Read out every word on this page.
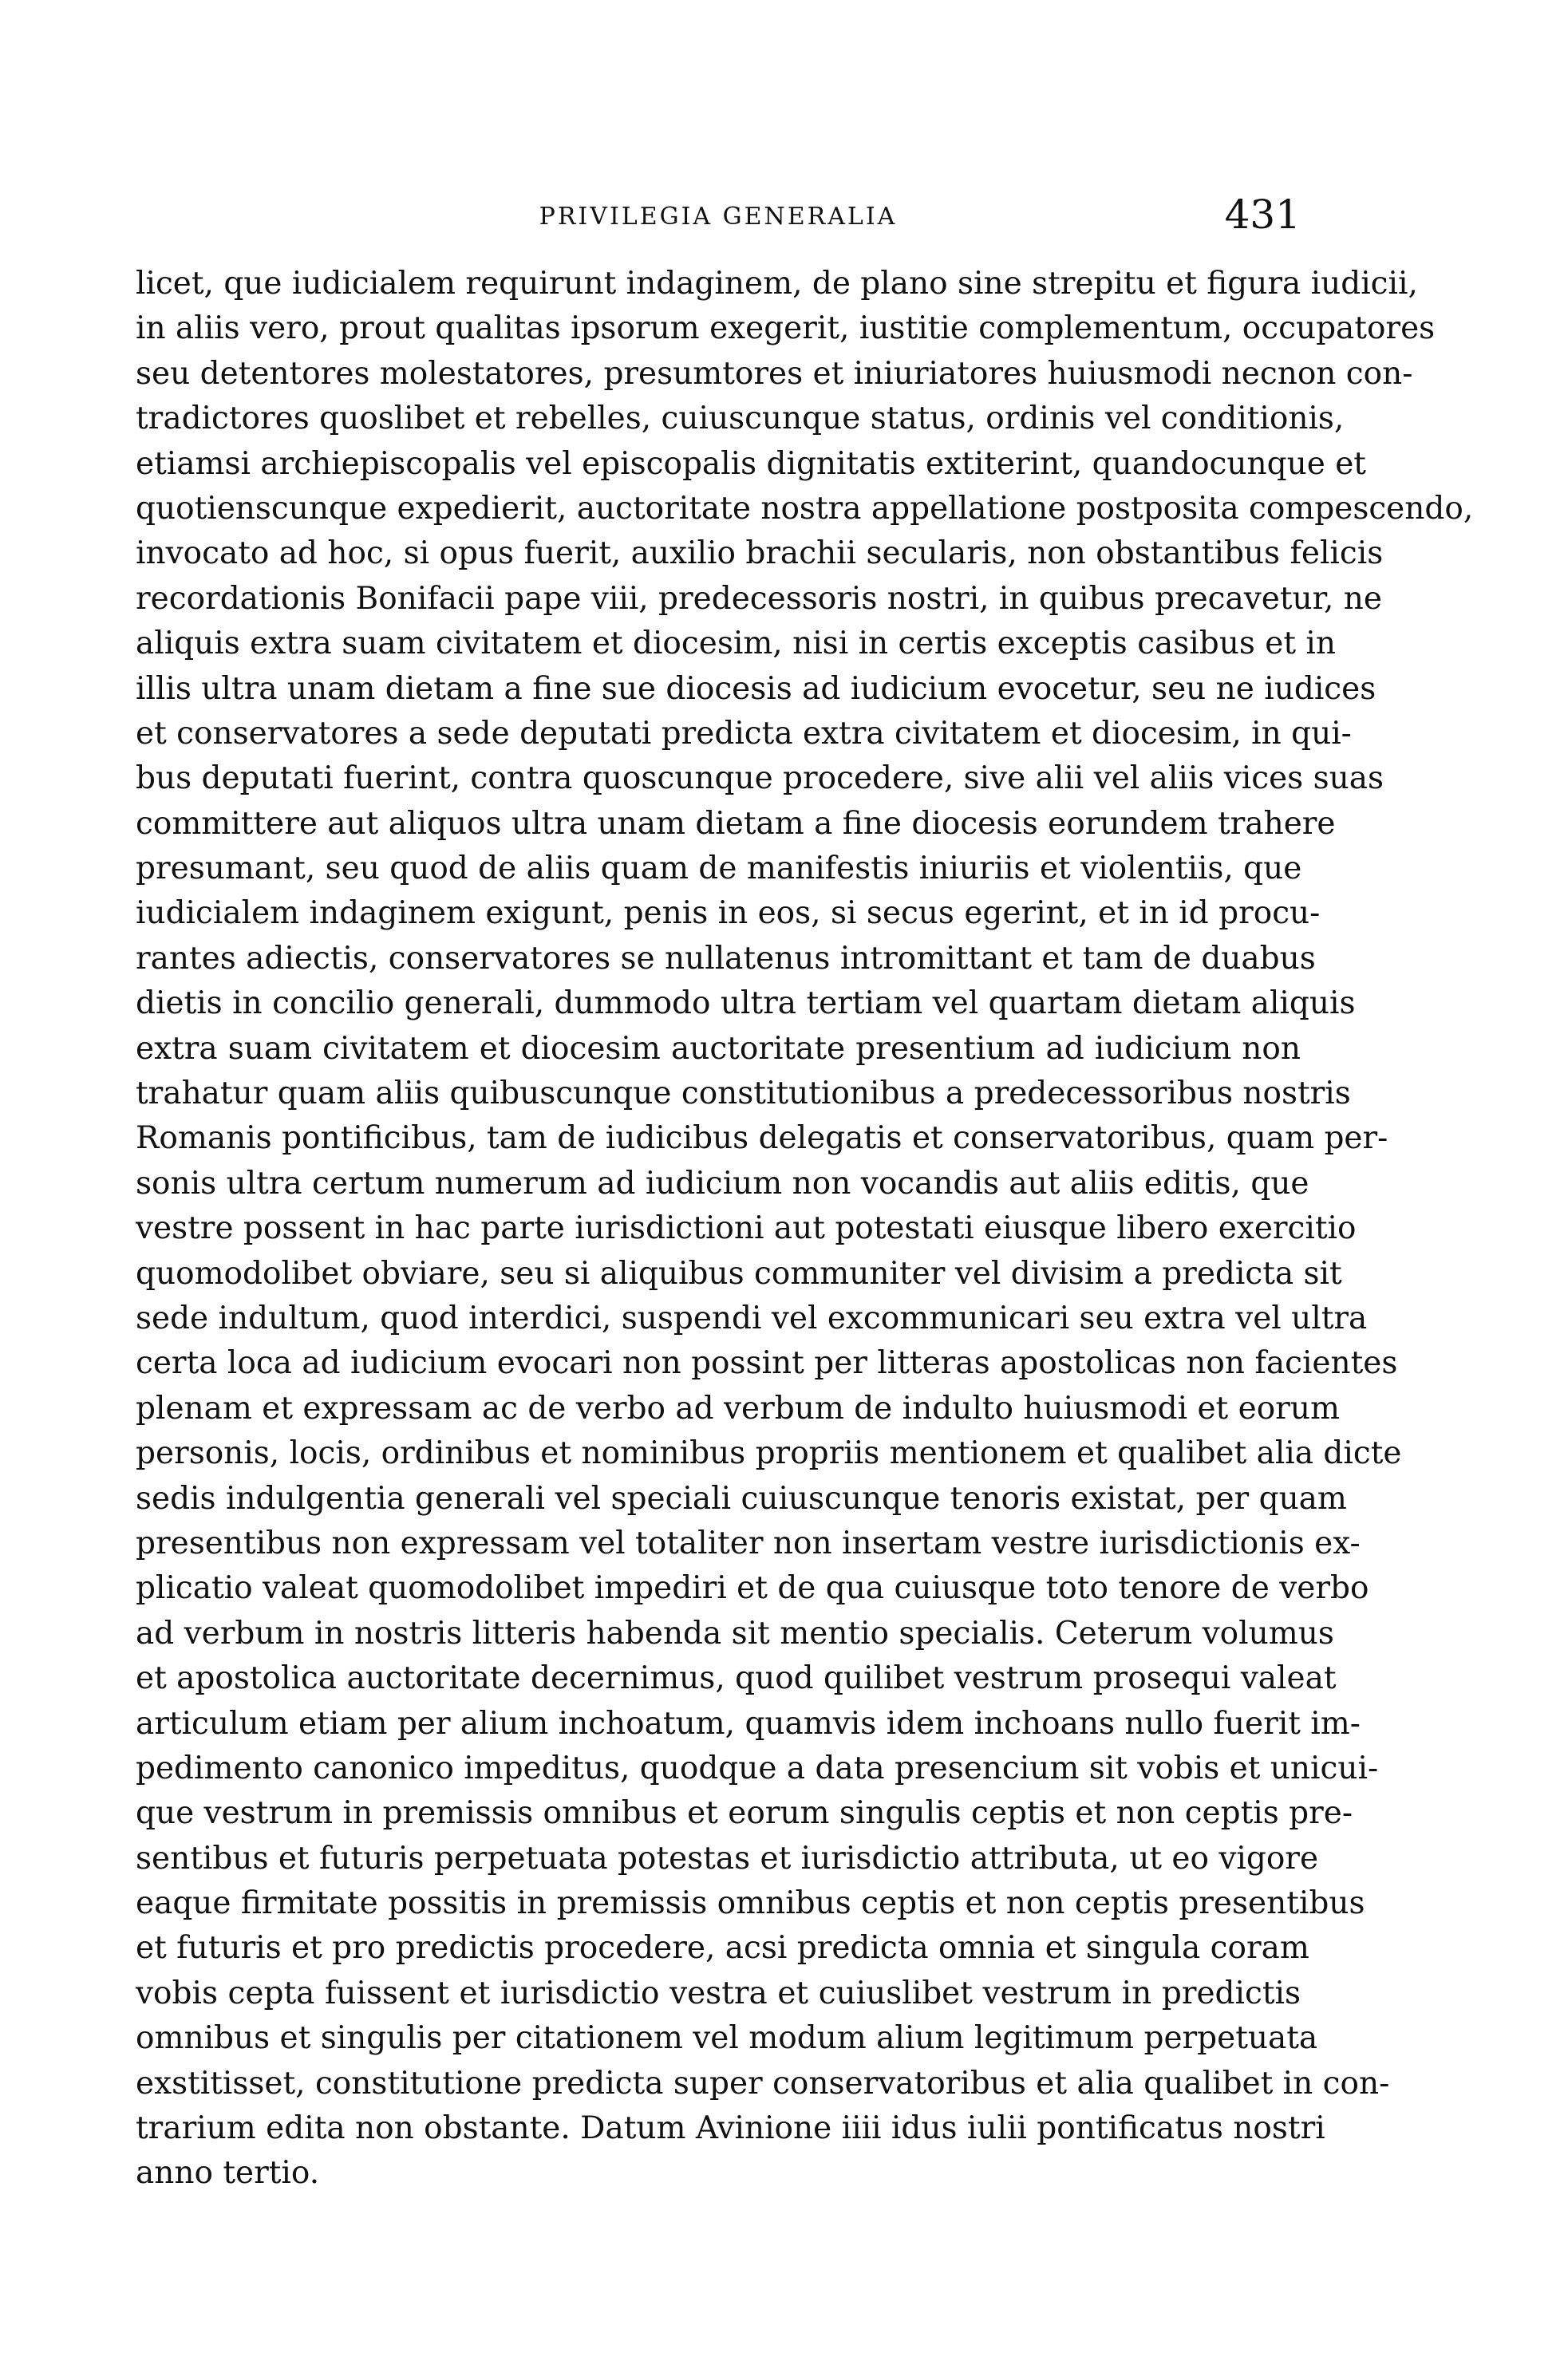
PRIVILEGIA GENERALIA	431
licet, que iudicialem requirunt indaginem, de plano sine strepitu et figura iudicii,
in aliis vero, prout qualitas ipsorum exegerit, iustitie complementum, occupatores
seu detentores molestatores, presumtores et iniuriatores huiusmodi necnon con-
tradictores quoslibet et rebelles, cuiuscunque status, ordinis vel conditionis,
etiamsi archiepiscopalis vel episcopalis dignitatis extiterint, quandocunque et
quotienscunque expedierit, auctoritate nostra appellatione postposita compescendo,
invocato ad hoc, si opus fuerit, auxilio brachii secularis, non obstantibus felicis
recordationis Bonifacii pape viii, predecessoris nostri, in quibus precavetur, ne
aliquis extra suam civitatem et diocesim, nisi in certis exceptis casibus et in
illis ultra unam dietam a fine sue diocesis ad iudicium evocetur, seu ne iudices
et conservatores a sede deputati predicta extra civitatem et diocesim, in qui-
bus deputati fuerint, contra quoscunque procedere, sive alii vel aliis vices suas
committere aut aliquos ultra unam dietam a fine diocesis eorundem trahere
presumant, seu quod de aliis quam de manifestis iniuriis et violentiis, que
iudicialem indaginem exigunt, penis in eos, si secus egerint, et in id procu-
rantes adiectis, conservatores se nullatenus intromittant et tam de duabus
dietis in concilio generali, dummodo ultra tertiam vel quartam dietam aliquis
extra suam civitatem et diocesim auctoritate presentium ad iudicium non
trahatur quam aliis quibuscunque constitutionibus a predecessoribus nostris
Romanis pontificibus, tam de iudicibus delegatis et conservatoribus, quam per-
sonis ultra certum numerum ad iudicium non vocandis aut aliis editis, que
vestre possent in hac parte iurisdictioni aut potestati eiusque libero exercitio
quomodolibet obviare, seu si aliquibus communiter vel divisim a predicta sit
sede indultum, quod interdici, suspendi vel excommunicari seu extra vel ultra
certa loca ad iudicium evocari non possint per litteras apostolicas non facientes
plenam et expressam ac de verbo ad verbum de indulto huiusmodi et eorum
personis, locis, ordinibus et nominibus propriis mentionem et qualibet alia dicte
sedis indulgentia generali vel speciali cuiuscunque tenoris existat, per quam
presentibus non expressam vel totaliter non insertam vestre iurisdictionis ex-
plicatio valeat quomodolibet impediri et de qua cuiusque toto tenore de verbo
ad verbum in nostris litteris habenda sit mentio specialis. Ceterum volumus
et apostolica auctoritate decernimus, quod quilibet vestrum prosequi valeat
articulum etiam per alium inchoatum, quamvis idem inchoans nullo fuerit im-
pedimento canonico impeditus, quodque a data presencium sit vobis et unicui-
que vestrum in premissis omnibus et eorum singulis ceptis et non ceptis pre-
sentibus et futuris perpetuata potestas et iurisdictio attributa, ut eo vigore
eaque firmitate possitis in premissis omnibus ceptis et non ceptis presentibus
et futuris et pro predictis procedere, acsi predicta omnia et singula coram
vobis cepta fuissent et iurisdictio vestra et cuiuslibet vestrum in predictis
omnibus et singulis per citationem vel modum alium legitimum perpetuata
exstitisset, constitutione predicta super conservatoribus et alia qualibet in con-
trarium edita non obstante. Datum Avinione iiii idus iulii pontificatus nostri
anno tertio.
